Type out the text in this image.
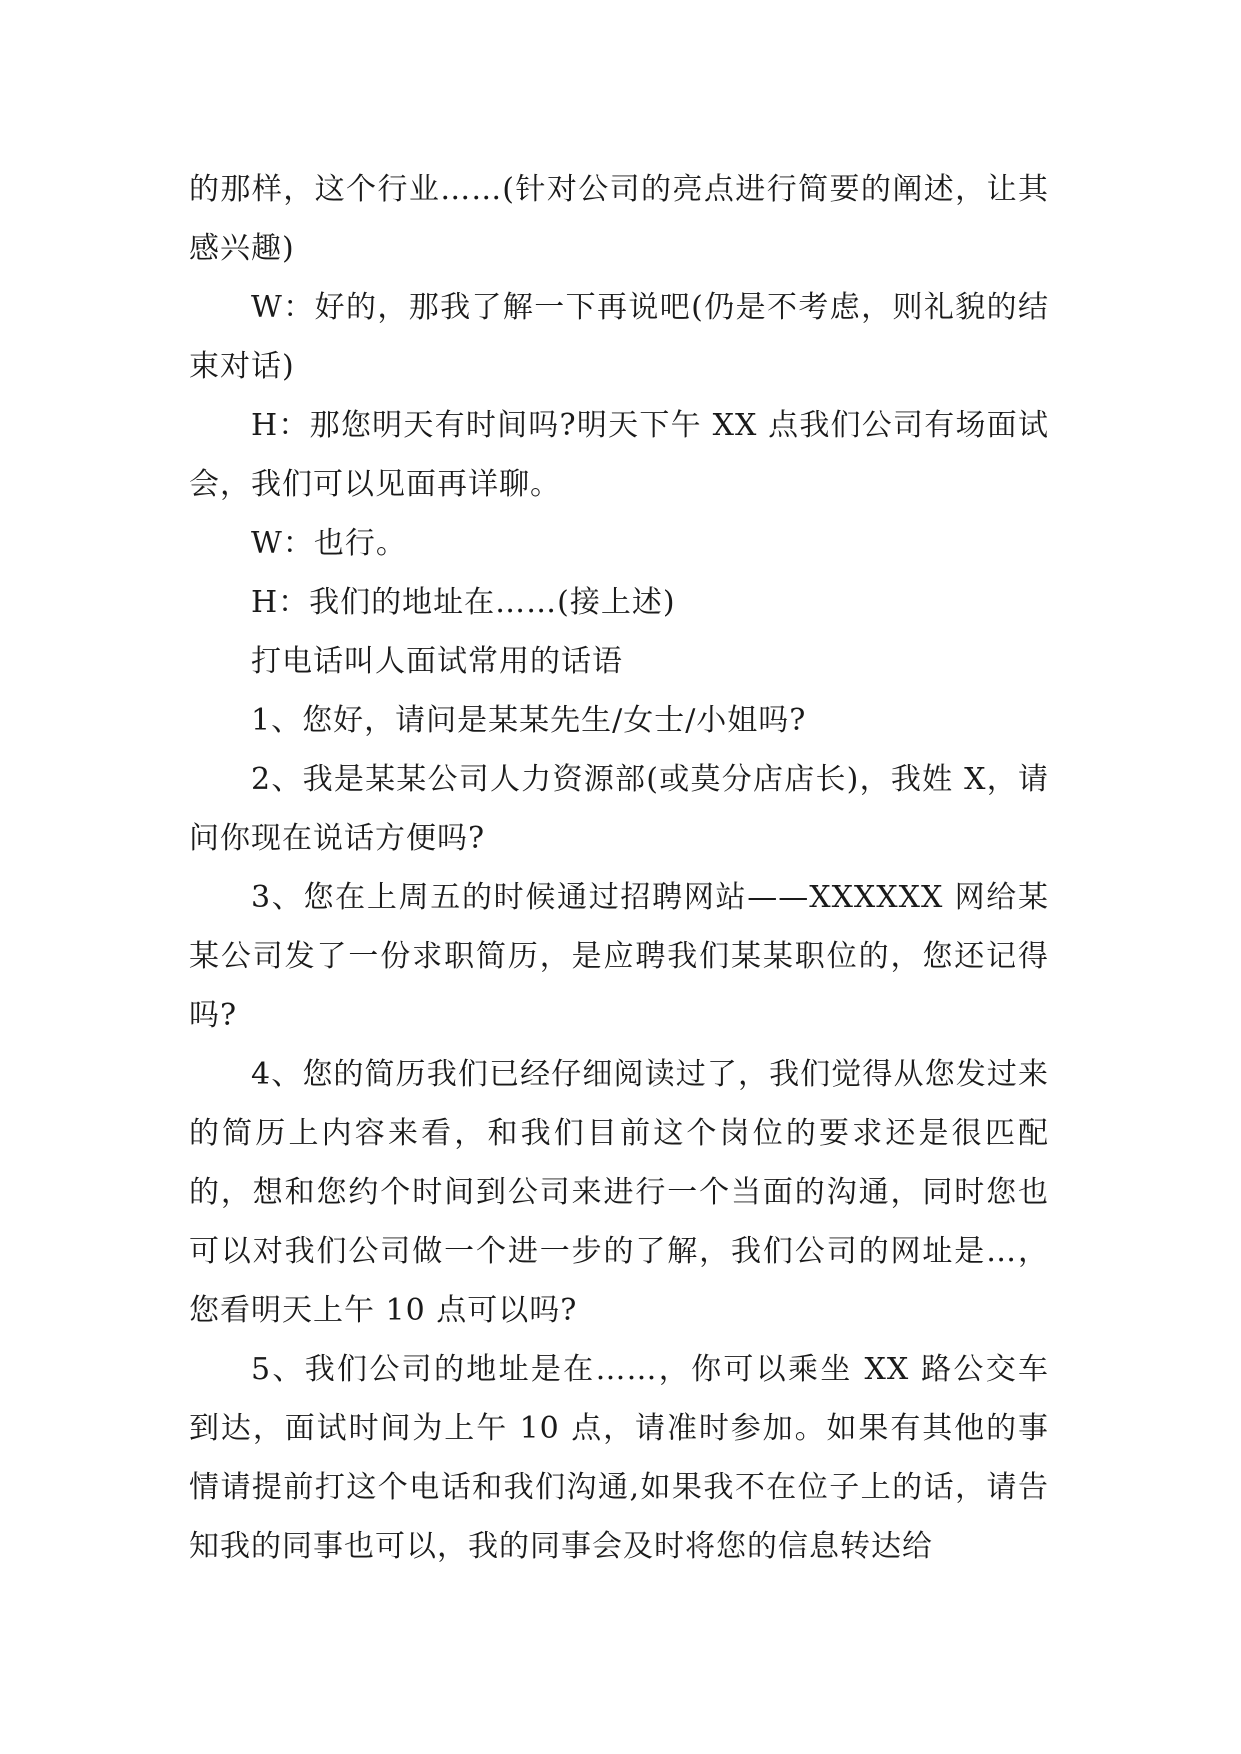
的那样，这个行业……(针对公司的亮点进行简要的阐述，让其感兴趣)

W：好的，那我了解一下再说吧(仍是不考虑，则礼貌的结束对话)

H：那您明天有时间吗?明天下午 XX 点我们公司有场面试会，我们可以见面再详聊。

W：也行。

H：我们的地址在……(接上述)

打电话叫人面试常用的话语

1、您好，请问是某某先生/女士/小姐吗?

2、我是某某公司人力资源部(或莫分店店长)，我姓 X，请问你现在说话方便吗?

3、您在上周五的时候通过招聘网站——XXXXXX 网给某某公司发了一份求职简历，是应聘我们某某职位的，您还记得吗?

4、您的简历我们已经仔细阅读过了，我们觉得从您发过来的简历上内容来看，和我们目前这个岗位的要求还是很匹配的，想和您约个时间到公司来进行一个当面的沟通，同时您也可以对我们公司做一个进一步的了解，我们公司的网址是…，您看明天上午 10 点可以吗?

5、我们公司的地址是在……，你可以乘坐 XX 路公交车到达，面试时间为上午 10 点，请准时参加。如果有其他的事情请提前打这个电话和我们沟通,如果我不在位子上的话，请告知我的同事也可以，我的同事会及时将您的信息转达给
